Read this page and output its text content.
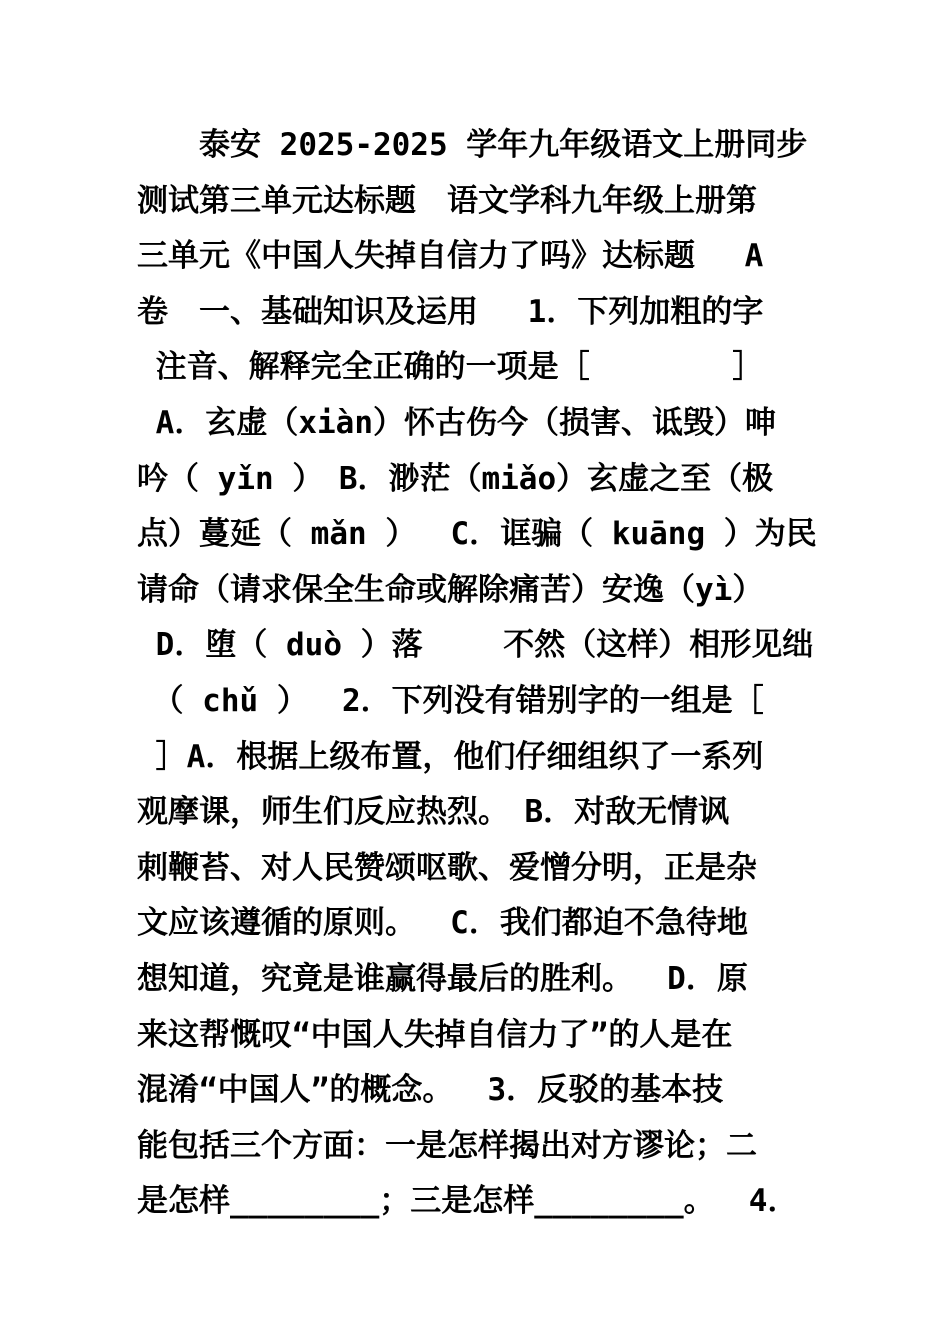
　　泰安 2025-2025 学年九年级语文上册同步
测试第三单元达标题　语文学科九年级上册第
三单元《中国人失掉自信力了吗》达标题　 A
卷　一、基础知识及运用　 1．下列加粗的字
注音、解释完全正确的一项是［　　　　 ］
A．玄虚（xiàn）怀古伤今（损害、诋毁）呻
吟（ yǐn ）　B．渺茫（miǎo）玄虚之至（极
点）蔓延（ mǎn ）　 C．诓骗（ kuāng ）为民
请命（请求保全生命或解除痛苦）安逸（yì）
D．堕（ duò ）落　　 不然（这样）相形见绌
　（ chǔ ）　 2．下列没有错别字的一组是［
］A．根据上级布置，他们仔细组织了一系列
观摩课，师生们反应热烈。　B．对敌无情讽
刺鞭苔、对人民赞颂呕歌、爱憎分明，正是杂
文应该遵循的原则。　 C．我们都迫不急待地
想知道，究竟是谁赢得最后的胜利。　 D．原
来这帮慨叹“中国人失掉自信力了”的人是在
混淆“中国人”的概念。　 3．反驳的基本技
能包括三个方面：一是怎样揭出对方谬论；二
是怎样________；三是怎样________。　 4．
